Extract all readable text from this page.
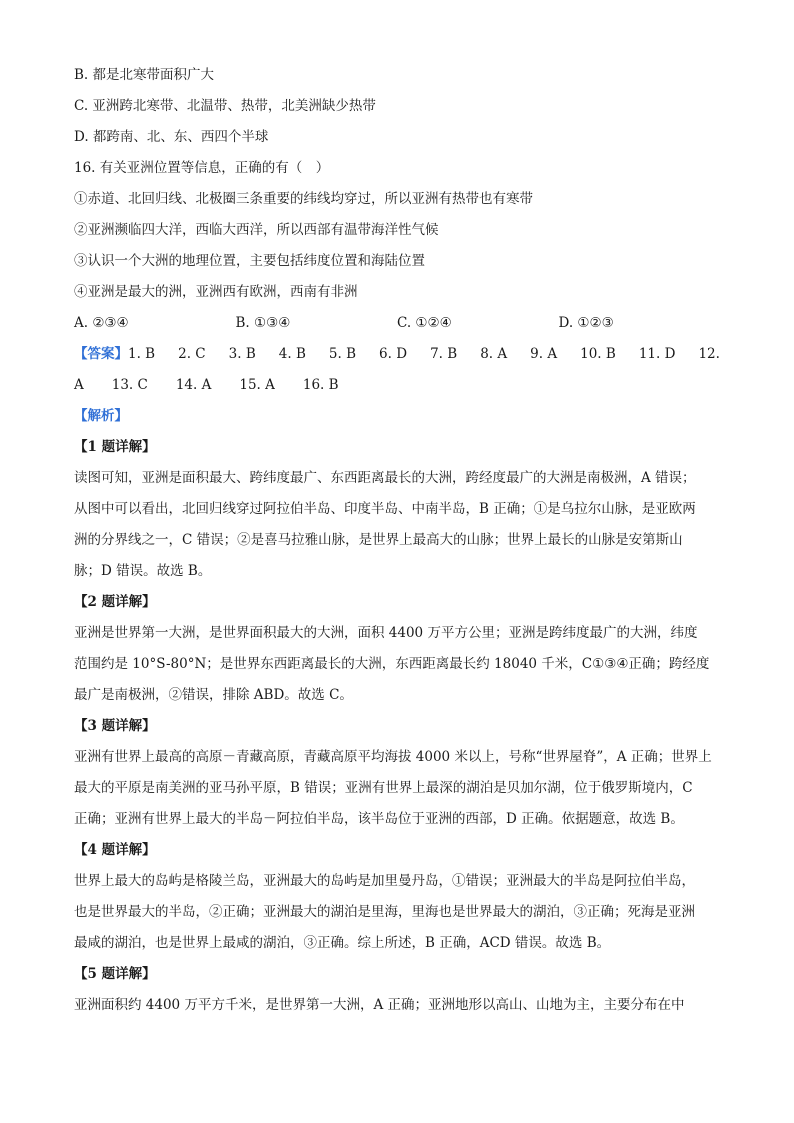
B. 都是北寒带面积广大
C. 亚洲跨北寒带、北温带、热带，北美洲缺少热带
D. 都跨南、北、东、西四个半球
16. 有关亚洲位置等信息，正确的有（　）
①赤道、北回归线、北极圈三条重要的纬线均穿过，所以亚洲有热带也有寒带
②亚洲濒临四大洋，西临大西洋，所以西部有温带海洋性气候
③认识一个大洲的地理位置，主要包括纬度位置和海陆位置
④亚洲是最大的洲，亚洲西有欧洲，西南有非洲
A. ②③④	B. ①③④	C. ①②④	D. ①②③
【答案】1. B 2. C 3. B 4. B 5. B 6. D 7. B 8. A 9. A 10. B 11. D 12.
A 13. C 14. A 15. A 16. B
【解析】
【1 题详解】
读图可知，亚洲是面积最大、跨纬度最广、东西距离最长的大洲，跨经度最广的大洲是南极洲，A 错误；
从图中可以看出，北回归线穿过阿拉伯半岛、印度半岛、中南半岛，B 正确；①是乌拉尔山脉，是亚欧两
洲的分界线之一，C 错误；②是喜马拉雅山脉，是世界上最高大的山脉；世界上最长的山脉是安第斯山
脉；D 错误。故选 B。
【2 题详解】
亚洲是世界第一大洲，是世界面积最大的大洲，面积 4400 万平方公里；亚洲是跨纬度最广的大洲，纬度
范围约是 10°S-80°N；是世界东西距离最长的大洲，东西距离最长约 18040 千米，C①③④正确；跨经度
最广是南极洲，②错误，排除 ABD。故选 C。
【3 题详解】
亚洲有世界上最高的高原－青藏高原，青藏高原平均海拔 4000 米以上，号称“世界屋脊”，A 正确；世界上
最大的平原是南美洲的亚马孙平原，B 错误；亚洲有世界上最深的湖泊是贝加尔湖，位于俄罗斯境内，C
正确；亚洲有世界上最大的半岛－阿拉伯半岛，该半岛位于亚洲的西部，D 正确。依据题意，故选 B。
【4 题详解】
世界上最大的岛屿是格陵兰岛，亚洲最大的岛屿是加里曼丹岛，①错误；亚洲最大的半岛是阿拉伯半岛，
也是世界最大的半岛，②正确；亚洲最大的湖泊是里海，里海也是世界最大的湖泊，③正确；死海是亚洲
最咸的湖泊，也是世界上最咸的湖泊，③正确。综上所述，B 正确，ACD 错误。故选 B。
【5 题详解】
亚洲面积约 4400 万平方千米，是世界第一大洲，A 正确；亚洲地形以高山、山地为主，主要分布在中
